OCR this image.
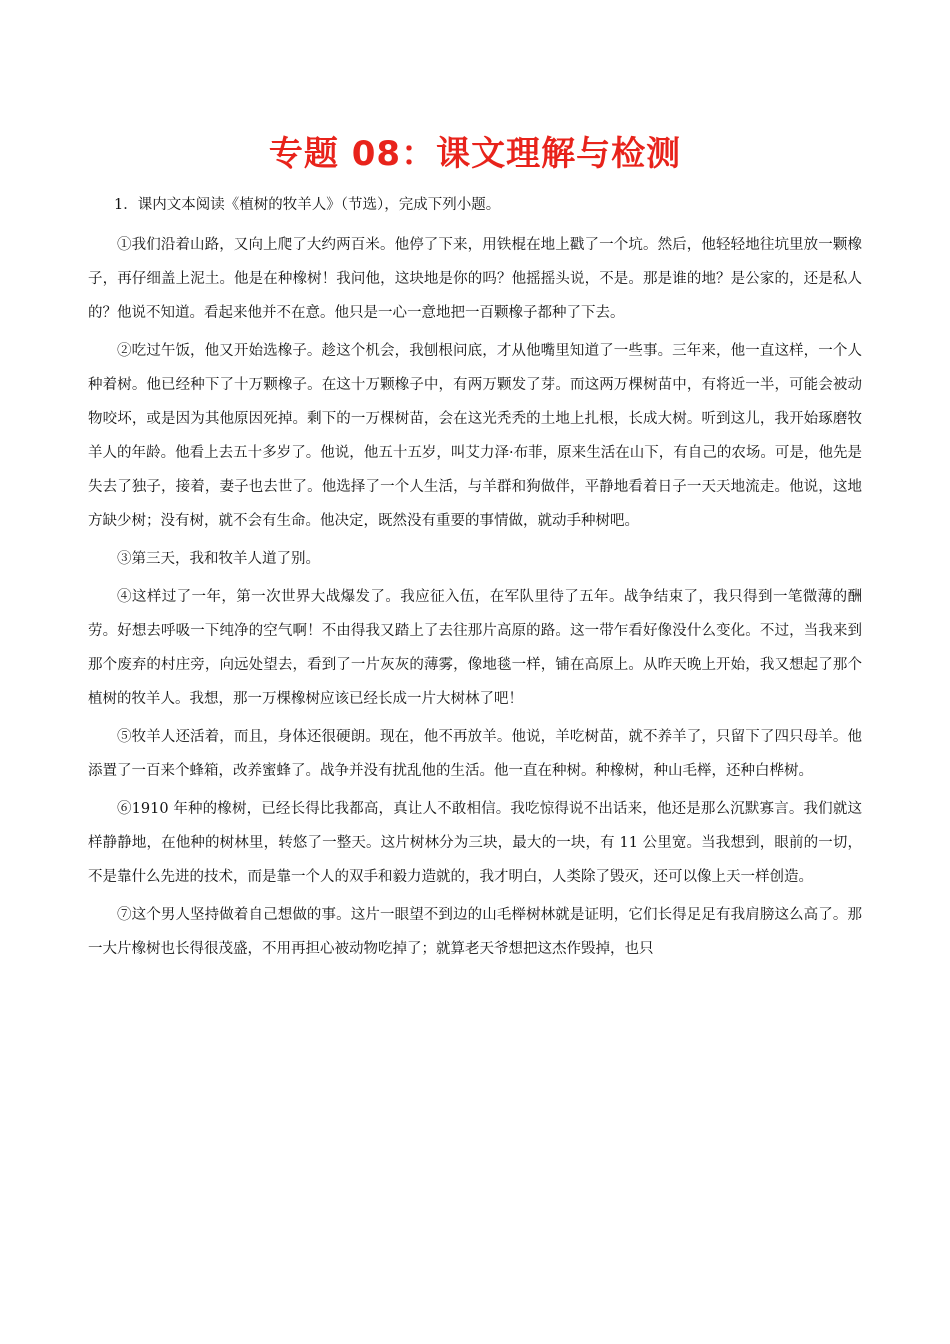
专题 08：课文理解与检测

1．课内文本阅读《植树的牧羊人》（节选），完成下列小题。

①我们沿着山路，又向上爬了大约两百米。他停了下来，用铁棍在地上戳了一个坑。然后，他轻轻地往坑里放一颗橡子，再仔细盖上泥土。他是在种橡树！我问他，这块地是你的吗？他摇摇头说，不是。那是谁的地？是公家的，还是私人的？他说不知道。看起来他并不在意。他只是一心一意地把一百颗橡子都种了下去。

②吃过午饭，他又开始选橡子。趁这个机会，我刨根问底，才从他嘴里知道了一些事。三年来，他一直这样，一个人种着树。他已经种下了十万颗橡子。在这十万颗橡子中，有两万颗发了芽。而这两万棵树苗中，有将近一半，可能会被动物咬坏，或是因为其他原因死掉。剩下的一万棵树苗，会在这光秃秃的土地上扎根，长成大树。听到这儿，我开始琢磨牧羊人的年龄。他看上去五十多岁了。他说，他五十五岁，叫艾力泽·布菲，原来生活在山下，有自己的农场。可是，他先是失去了独子，接着，妻子也去世了。他选择了一个人生活，与羊群和狗做伴，平静地看着日子一天天地流走。他说，这地方缺少树；没有树，就不会有生命。他决定，既然没有重要的事情做，就动手种树吧。

③第三天，我和牧羊人道了别。

④这样过了一年，第一次世界大战爆发了。我应征入伍，在军队里待了五年。战争结束了，我只得到一笔微薄的酬劳。好想去呼吸一下纯净的空气啊！不由得我又踏上了去往那片高原的路。这一带乍看好像没什么变化。不过，当我来到那个废弃的村庄旁，向远处望去，看到了一片灰灰的薄雾，像地毯一样，铺在高原上。从昨天晚上开始，我又想起了那个植树的牧羊人。我想，那一万棵橡树应该已经长成一片大树林了吧！

⑤牧羊人还活着，而且，身体还很硬朗。现在，他不再放羊。他说，羊吃树苗，就不养羊了，只留下了四只母羊。他添置了一百来个蜂箱，改养蜜蜂了。战争并没有扰乱他的生活。他一直在种树。种橡树，种山毛榉，还种白桦树。

⑥1910 年种的橡树，已经长得比我都高，真让人不敢相信。我吃惊得说不出话来，他还是那么沉默寡言。我们就这样静静地，在他种的树林里，转悠了一整天。这片树林分为三块，最大的一块，有 11 公里宽。当我想到，眼前的一切，不是靠什么先进的技术，而是靠一个人的双手和毅力造就的，我才明白，人类除了毁灭，还可以像上天一样创造。

⑦这个男人坚持做着自己想做的事。这片一眼望不到边的山毛榉树林就是证明，它们长得足足有我肩膀这么高了。那一大片橡树也长得很茂盛，不用再担心被动物吃掉了；就算老天爷想把这杰作毁掉，也只
